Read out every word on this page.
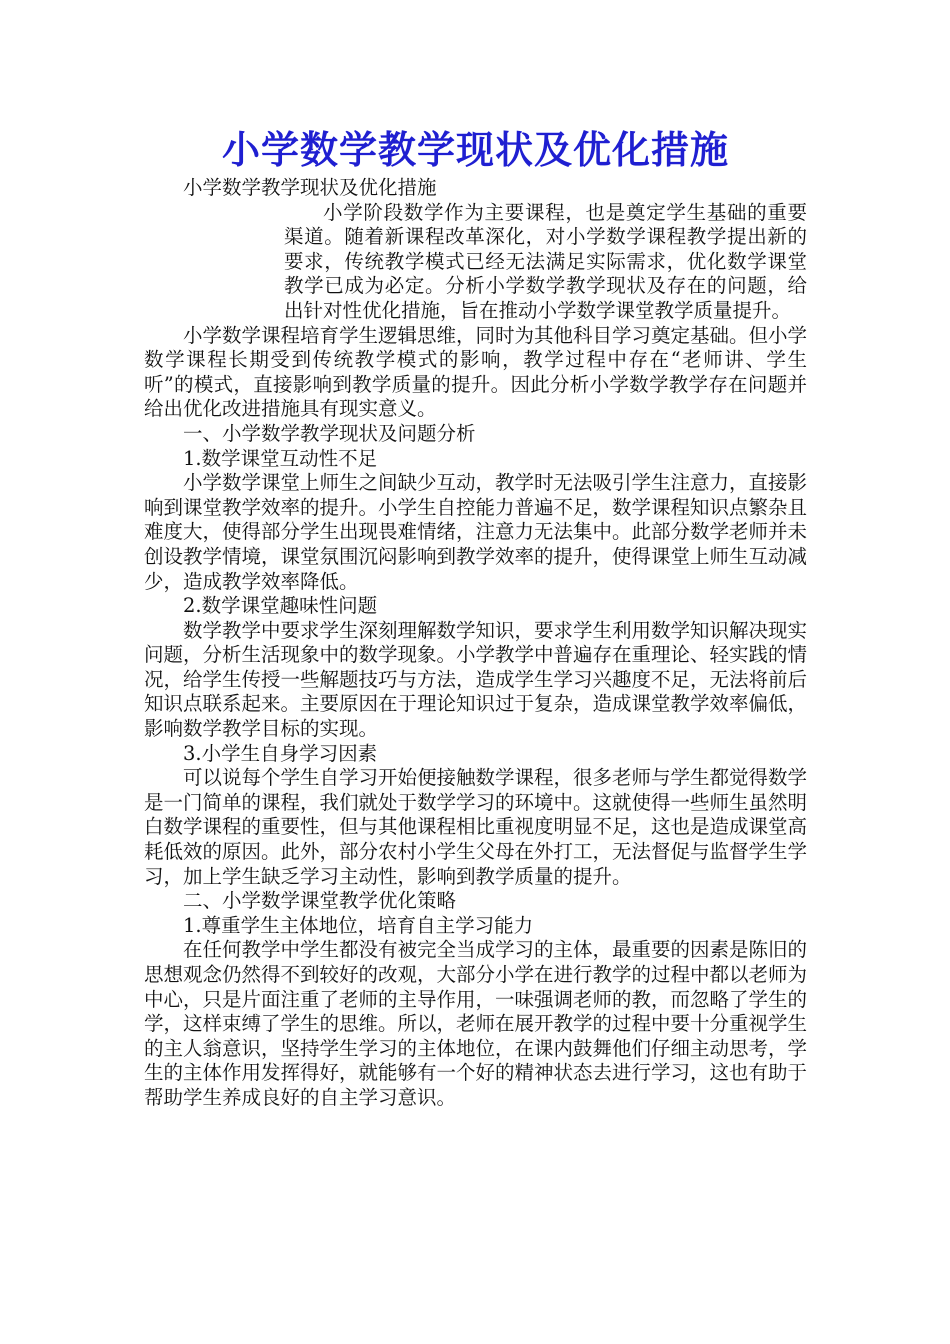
小学数学教学现状及优化措施

小学数学教学现状及优化措施

小学阶段数学作为主要课程，也是奠定学生基础的重要渠道。随着新课程改革深化，对小学数学课程教学提出新的要求，传统教学模式已经无法满足实际需求，优化数学课堂教学已成为必定。分析小学数学教学现状及存在的问题，给出针对性优化措施，旨在推动小学数学课堂教学质量提升。

小学数学课程培育学生逻辑思维，同时为其他科目学习奠定基础。但小学数学课程长期受到传统教学模式的影响，教学过程中存在“老师讲、学生听”的模式，直接影响到教学质量的提升。因此分析小学数学教学存在问题并给出优化改进措施具有现实意义。

一、小学数学教学现状及问题分析

1.数学课堂互动性不足

小学数学课堂上师生之间缺少互动，教学时无法吸引学生注意力，直接影响到课堂教学效率的提升。小学生自控能力普遍不足，数学课程知识点繁杂且难度大，使得部分学生出现畏难情绪，注意力无法集中。此部分数学老师并未创设教学情境，课堂氛围沉闷影响到教学效率的提升，使得课堂上师生互动减少，造成教学效率降低。

2.数学课堂趣味性问题

数学教学中要求学生深刻理解数学知识，要求学生利用数学知识解决现实问题，分析生活现象中的数学现象。小学教学中普遍存在重理论、轻实践的情况，给学生传授一些解题技巧与方法，造成学生学习兴趣度不足，无法将前后知识点联系起来。主要原因在于理论知识过于复杂，造成课堂教学效率偏低，影响数学教学目标的实现。

3.小学生自身学习因素

可以说每个学生自学习开始便接触数学课程，很多老师与学生都觉得数学是一门简单的课程，我们就处于数学学习的环境中。这就使得一些师生虽然明白数学课程的重要性，但与其他课程相比重视度明显不足，这也是造成课堂高耗低效的原因。此外，部分农村小学生父母在外打工，无法督促与监督学生学习，加上学生缺乏学习主动性，影响到教学质量的提升。

二、小学数学课堂教学优化策略

1.尊重学生主体地位，培育自主学习能力

在任何教学中学生都没有被完全当成学习的主体，最重要的因素是陈旧的思想观念仍然得不到较好的改观，大部分小学在进行教学的过程中都以老师为中心，只是片面注重了老师的主导作用，一味强调老师的教，而忽略了学生的学，这样束缚了学生的思维。所以，老师在展开教学的过程中要十分重视学生的主人翁意识，坚持学生学习的主体地位，在课内鼓舞他们仔细主动思考，学生的主体作用发挥得好，就能够有一个好的精神状态去进行学习，这也有助于帮助学生养成良好的自主学习意识。
